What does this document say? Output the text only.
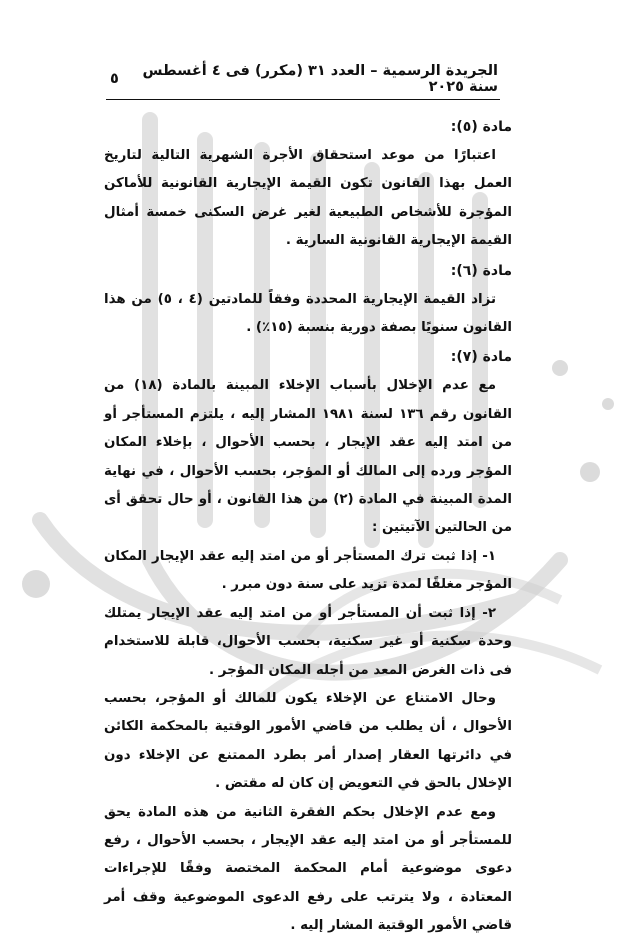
الجريدة الرسمية – العدد ٣١ (مكرر) فى ٤ أغسطس سنة ٢٠٢٥
٥
مادة (٥):

اعتبارًا من موعد استحقاق الأجرة الشهرية التالية لتاريخ العمل بهذا القانون تكون القيمة الإيجارية القانونية للأماكن المؤجرة للأشخاص الطبيعية لغير غرض السكنى خمسة أمثال القيمة الإيجارية القانونية السارية .

مادة (٦):

تزاد القيمة الإيجارية المحددة وفقاً للمادتين (٤ ، ٥) من هذا القانون سنويًا بصفة دورية بنسبة (١٥٪) .

مادة (٧):

مع عدم الإخلال بأسباب الإخلاء المبينة بالمادة (١٨) من القانون رقم ١٣٦ لسنة ١٩٨١ المشار إليه ، يلتزم المستأجر أو من امتد إليه عقد الإيجار ، بحسب الأحوال ، بإخلاء المكان المؤجر ورده إلى المالك أو المؤجر، بحسب الأحوال ، في نهاية المدة المبينة في المادة (٢) من هذا القانون ، أو حال تحقق أى من الحالتين الآتيتين :

١- إذا ثبت ترك المستأجر أو من امتد إليه عقد الإيجار المكان المؤجر مغلقًا لمدة تزيد على سنة دون مبرر .

٢- إذا ثبت أن المستأجر أو من امتد إليه عقد الإيجار يمتلك وحدة سكنية أو غير سكنية، بحسب الأحوال، قابلة للاستخدام فى ذات الغرض المعد من أجله المكان المؤجر .

وحال الامتناع عن الإخلاء يكون للمالك أو المؤجر، بحسب الأحوال ، أن يطلب من قاضي الأمور الوقتية بالمحكمة الكائن في دائرتها العقار إصدار أمر بطرد الممتنع عن الإخلاء دون الإخلال بالحق في التعويض إن كان له مقتض .

ومع عدم الإخلال بحكم الفقرة الثانية من هذه المادة يحق للمستأجر أو من امتد إليه عقد الإيجار ، بحسب الأحوال ، رفع دعوى موضوعية أمام المحكمة المختصة وفقًا للإجراءات المعتادة ، ولا يترتب على رفع الدعوى الموضوعية وقف أمر قاضي الأمور الوقتية المشار إليه .
